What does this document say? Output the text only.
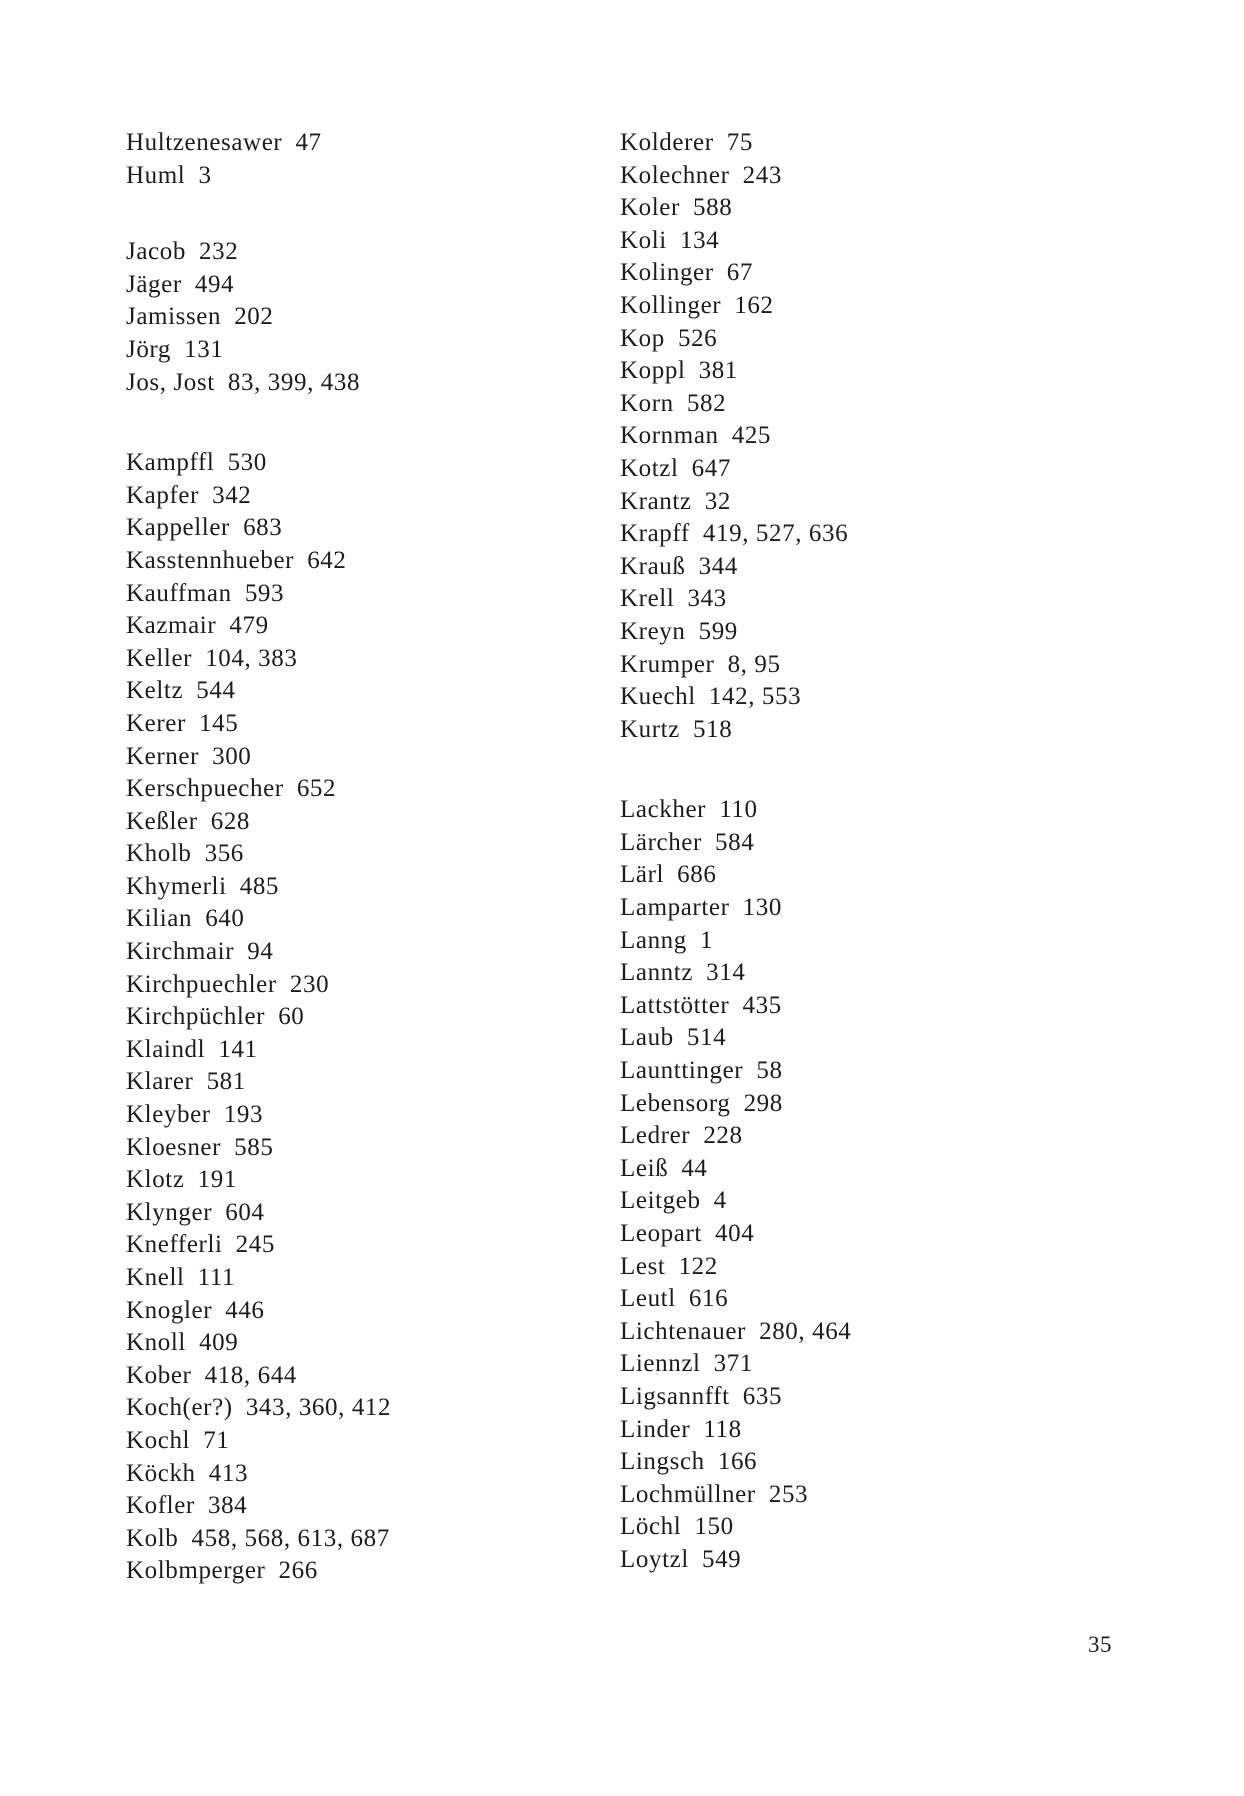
Hultzenesawer  47
Huml  3
Jacob  232
Jäger  494
Jamissen  202
Jörg  131
Jos, Jost  83, 399, 438
Kampffl  530
Kapfer  342
Kappeller  683
Kasstennhueber  642
Kauffman  593
Kazmair  479
Keller  104, 383
Keltz  544
Kerer  145
Kerner  300
Kerschpuecher  652
Keßler  628
Kholb  356
Khymerli  485
Kilian  640
Kirchmair  94
Kirchpuechler  230
Kirchpüchler  60
Klaindl  141
Klarer  581
Kleyber  193
Kloesner  585
Klotz  191
Klynger  604
Knefferli  245
Knell  111
Knogler  446
Knoll  409
Kober  418, 644
Koch(er?)  343, 360, 412
Kochl  71
Köckh  413
Kofler  384
Kolb  458, 568, 613, 687
Kolbmperger  266
Kolderer  75
Kolechner  243
Koler  588
Koli  134
Kolinger  67
Kollinger  162
Kop  526
Koppl  381
Korn  582
Kornman  425
Kotzl  647
Krantz  32
Krapff  419, 527, 636
Krauß  344
Krell  343
Kreyn  599
Krumper  8, 95
Kuechl  142, 553
Kurtz  518
Lackher  110
Lärcher  584
Lärl  686
Lamparter  130
Lanng  1
Lanntz  314
Lattstötter  435
Laub  514
Launttinger  58
Lebensorg  298
Ledrer  228
Leiß  44
Leitgeb  4
Leopart  404
Lest  122
Leutl  616
Lichtenauer  280, 464
Liennzl  371
Ligsannfft  635
Linder  118
Lingsch  166
Lochmüllner  253
Löchl  150
Loytzl  549
35
